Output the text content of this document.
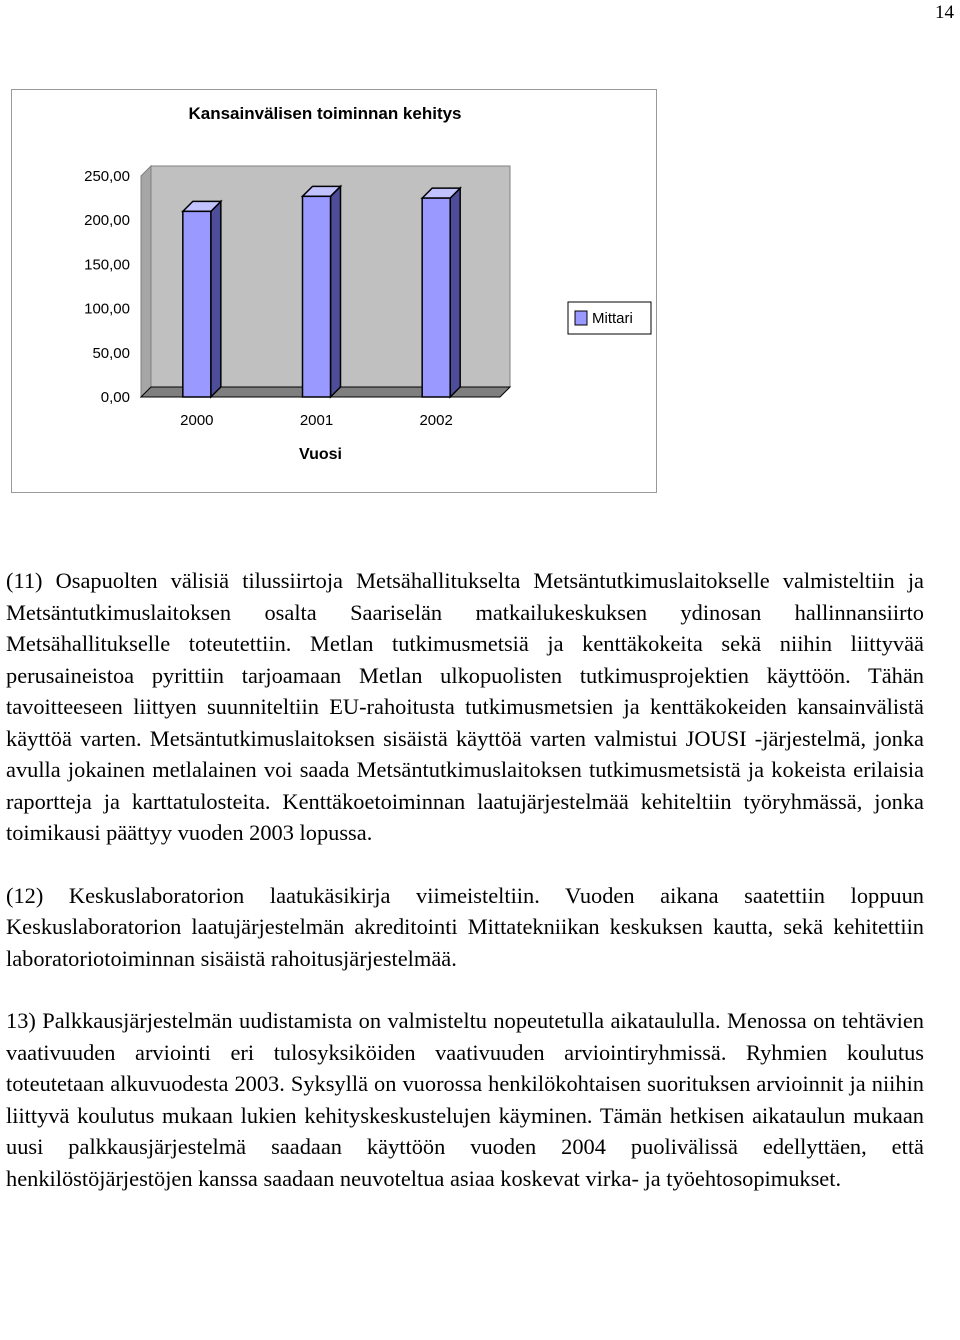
14
Kansainvälisen toiminnan kehitys
0,00
50,00
100,00
150,00
200,00
250,00
2000	2001	2002
Vuosi
Mittari

(11) Osapuolten välisiä tilussiirtoja Metsähallitukselta Metsäntutkimuslaitokselle valmisteltiin ja Metsäntutkimuslaitoksen osalta Saariselän matkailukeskuksen ydinosan hallinnansiirto Metsähallitukselle toteutettiin. Metlan tutkimusmetsiä ja kenttäkokeita sekä niihin liittyvää perusaineistoa pyrittiin tarjoamaan Metlan ulkopuolisten tutkimusprojektien käyttöön. Tähän tavoitteeseen liittyen suunniteltiin EU-rahoitusta tutkimusmetsien ja kenttäkokeiden kansainvälistä käyttöä varten. Metsäntutkimuslaitoksen sisäistä käyttöä varten valmistui JOUSI -järjestelmä, jonka avulla jokainen metlalainen voi saada Metsäntutkimuslaitoksen tutkimusmetsistä ja kokeista erilaisia raportteja ja karttatulosteita. Kenttäkoetoiminnan laatujärjestelmää kehiteltiin työryhmässä, jonka toimikausi päättyy vuoden 2003 lopussa.

(12) Keskuslaboratorion laatukäsikirja viimeisteltiin. Vuoden aikana saatettiin loppuun Keskuslaboratorion laatujärjestelmän akreditointi Mittatekniikan keskuksen kautta, sekä kehitettiin laboratoriotoiminnan sisäistä rahoitusjärjestelmää.

13) Palkkausjärjestelmän uudistamista on valmisteltu nopeutetulla aikataululla. Menossa on tehtävien vaativuuden arviointi eri tulosyksiköiden vaativuuden arviointiryhmissä. Ryhmien koulutus toteutetaan alkuvuodesta 2003. Syksyllä on vuorossa henkilökohtaisen suorituksen arvioinnit ja niihin liittyvä koulutus mukaan lukien kehityskeskustelujen käyminen. Tämän hetkisen aikataulun mukaan uusi palkkausjärjestelmä saadaan käyttöön vuoden 2004 puolivälissä edellyttäen, että henkilöstöjärjestöjen kanssa saadaan neuvoteltua asiaa koskevat virka- ja työehtosopimukset.
